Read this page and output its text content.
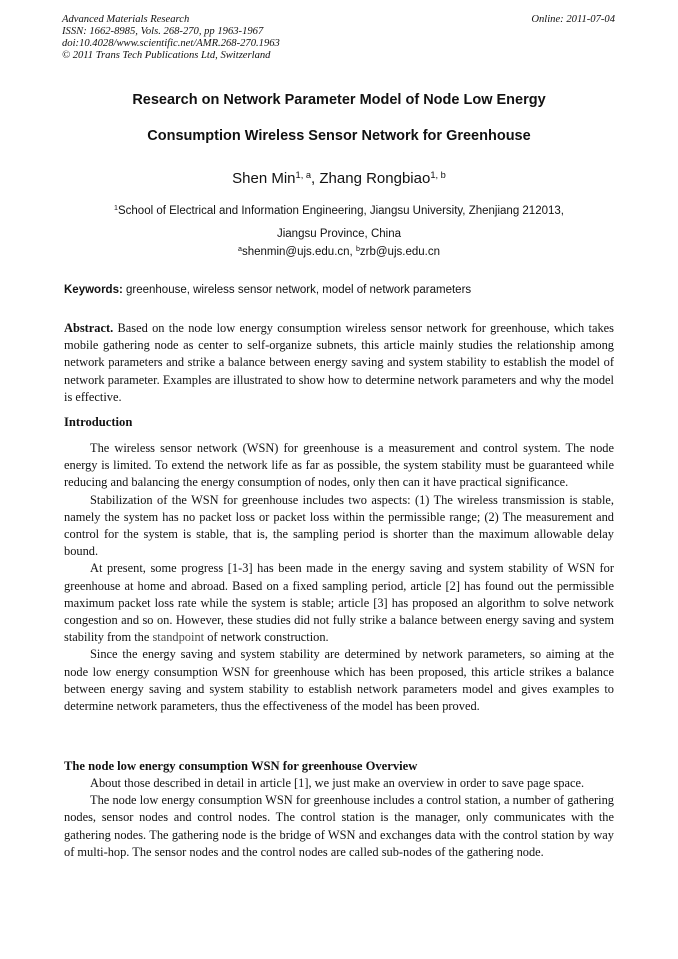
Advanced Materials Research
ISSN: 1662-8985, Vols. 268-270, pp 1963-1967
doi:10.4028/www.scientific.net/AMR.268-270.1963
© 2011 Trans Tech Publications Ltd, Switzerland
Online: 2011-07-04
Research on Network Parameter Model of Node Low Energy
Consumption Wireless Sensor Network for Greenhouse
Shen Min$^{1, a}$, Zhang Rongbiao$^{1, b}$
$^1$School of Electrical and Information Engineering, Jiangsu University, Zhenjiang 212013,
Jiangsu Province, China
$^a$shenmin@ujs.edu.cn, $^b$zrb@ujs.edu.cn
Keywords: greenhouse, wireless sensor network, model of network parameters

Abstract. Based on the node low energy consumption wireless sensor network for greenhouse, which takes mobile gathering node as center to self-organize subnets, this article mainly studies the relationship among network parameters and strike a balance between energy saving and system stability to establish the model of network parameter. Examples are illustrated to show how to determine network parameters and why the model is effective.

Introduction

The wireless sensor network (WSN) for greenhouse is a measurement and control system. The node energy is limited. To extend the network life as far as possible, the system stability must be guaranteed while reducing and balancing the energy consumption of nodes, only then can it have practical significance.

Stabilization of the WSN for greenhouse includes two aspects: (1) The wireless transmission is stable, namely the system has no packet loss or packet loss within the permissible range; (2) The measurement and control for the system is stable, that is, the sampling period is shorter than the maximum allowable delay bound.

At present, some progress [1-3] has been made in the energy saving and system stability of WSN for greenhouse at home and abroad. Based on a fixed sampling period, article [2] has found out the permissible maximum packet loss rate while the system is stable; article [3] has proposed an algorithm to solve network congestion and so on. However, these studies did not fully strike a balance between energy saving and system stability from the standpoint of network construction.

Since the energy saving and system stability are determined by network parameters, so aiming at the node low energy consumption WSN for greenhouse which has been proposed, this article strikes a balance between energy saving and system stability to establish network parameters model and gives examples to determine network parameters, thus the effectiveness of the model has been proved.

The node low energy consumption WSN for greenhouse Overview

About those described in detail in article [1], we just make an overview in order to save page space.

The node low energy consumption WSN for greenhouse includes a control station, a number of gathering nodes, sensor nodes and control nodes. The control station is the manager, only communicates with the gathering nodes. The gathering node is the bridge of WSN and exchanges data with the control station by way of multi-hop. The sensor nodes and the control nodes are called sub-nodes of the gathering node.
